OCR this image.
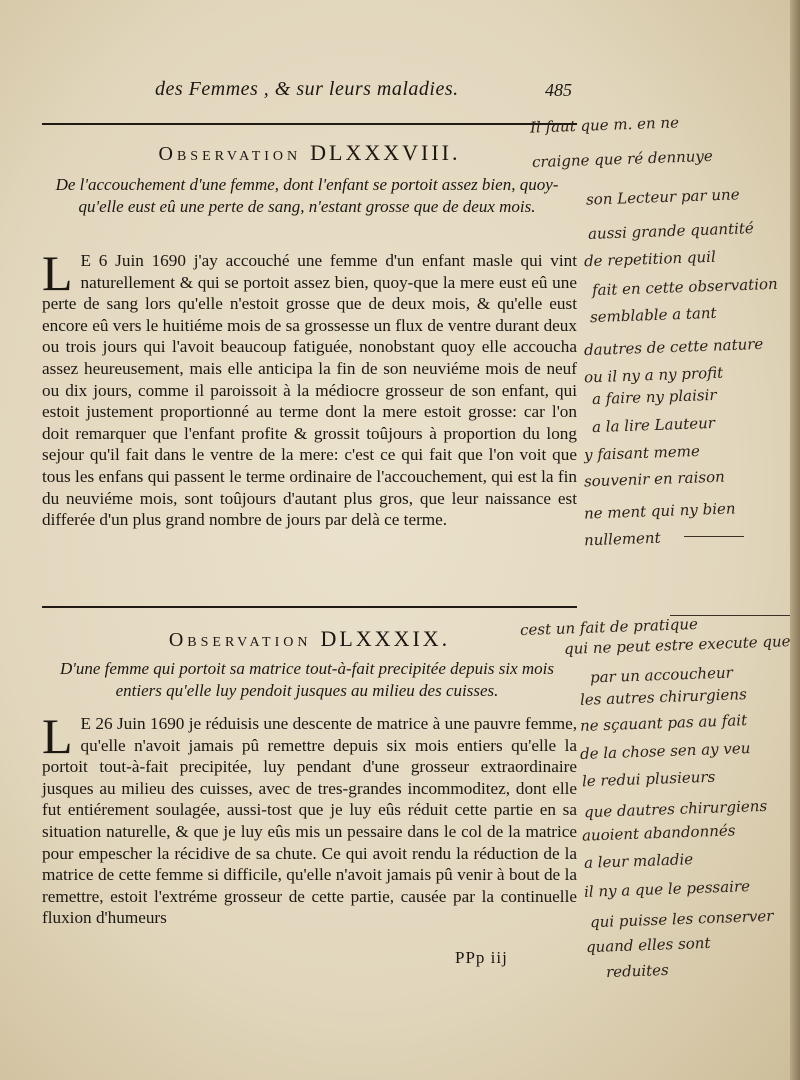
des Femmes , & sur leurs maladies.	485
Observation DLXXXVIII.
De l'accouchement d'une femme, dont l'enfant se portoit assez bien, quoy-qu'elle eust eû une perte de sang, n'estant grosse que de deux mois.
L E 6 Juin 1690 j'ay accouché une femme d'un enfant masle qui vint naturellement & qui se portoit assez bien, quoy-que la mere eust eû une perte de sang lors qu'elle n'estoit grosse que de deux mois, & qu'elle eust encore eû vers le huitiéme mois de sa grossesse un flux de ventre durant deux ou trois jours qui l'avoit beaucoup fatiguée, nonobstant quoy elle accoucha assez heureusement, mais elle anticipa la fin de son neuviéme mois de neuf ou dix jours, comme il paroissoit à la médiocre grosseur de son enfant, qui estoit justement proportionné au terme dont la mere estoit grosse: car l'on doit remarquer que l'enfant profite & grossit toûjours à proportion du long sejour qu'il fait dans le ventre de la mere: c'est ce qui fait que l'on voit que tous les enfans qui passent le terme ordinaire de l'accouchement, qui est la fin du neuviéme mois, sont toûjours d'autant plus gros, que leur naissance est differée d'un plus grand nombre de jours par delà ce terme.
Observation DLXXXIX.
D'une femme qui portoit sa matrice tout-à-fait precipitée depuis six mois entiers qu'elle luy pendoit jusques au milieu des cuisses.
L E 26 Juin 1690 je réduisis une descente de matrice à une pauvre femme, qu'elle n'avoit jamais pû remettre depuis six mois entiers qu'elle la portoit tout-à-fait precipitée, luy pendant d'une grosseur extraordinaire jusques au milieu des cuisses, avec de tres-grandes incommoditez, dont elle fut entiérement soulagée, aussi-tost que je luy eûs réduit cette partie en sa situation naturelle, & que je luy eûs mis un pessaire dans le col de la matrice pour empescher la récidive de sa chute. Ce qui avoit rendu la réduction de la matrice de cette femme si difficile, qu'elle n'avoit jamais pû venir à bout de la remettre, estoit l'extréme grosseur de cette partie, causée par la continuelle fluxion d'humeurs
PPp iij
Il faut que m. en ne
craigne que ré dennuye
son Lecteur par une
aussi grande quantité
de repetition quil
fait en cette observation
semblable a tant
dautres de cette nature
ou il ny a ny profit
a faire ny plaisir
a la lire Lauteur
y faisant meme
souvenir en raison
ne ment qui ny bien
nullement
cest un fait de pratique
qui ne peut estre execute que
par un accoucheur
les autres chirurgiens
ne sçauant pas au fait
de la chose sen ay veu
le redui plusieurs
que dautres chirurgiens
auoient abandonnés
a leur maladie
il ny a que le pessaire
qui puisse les conserver
quand elles sont
reduites
